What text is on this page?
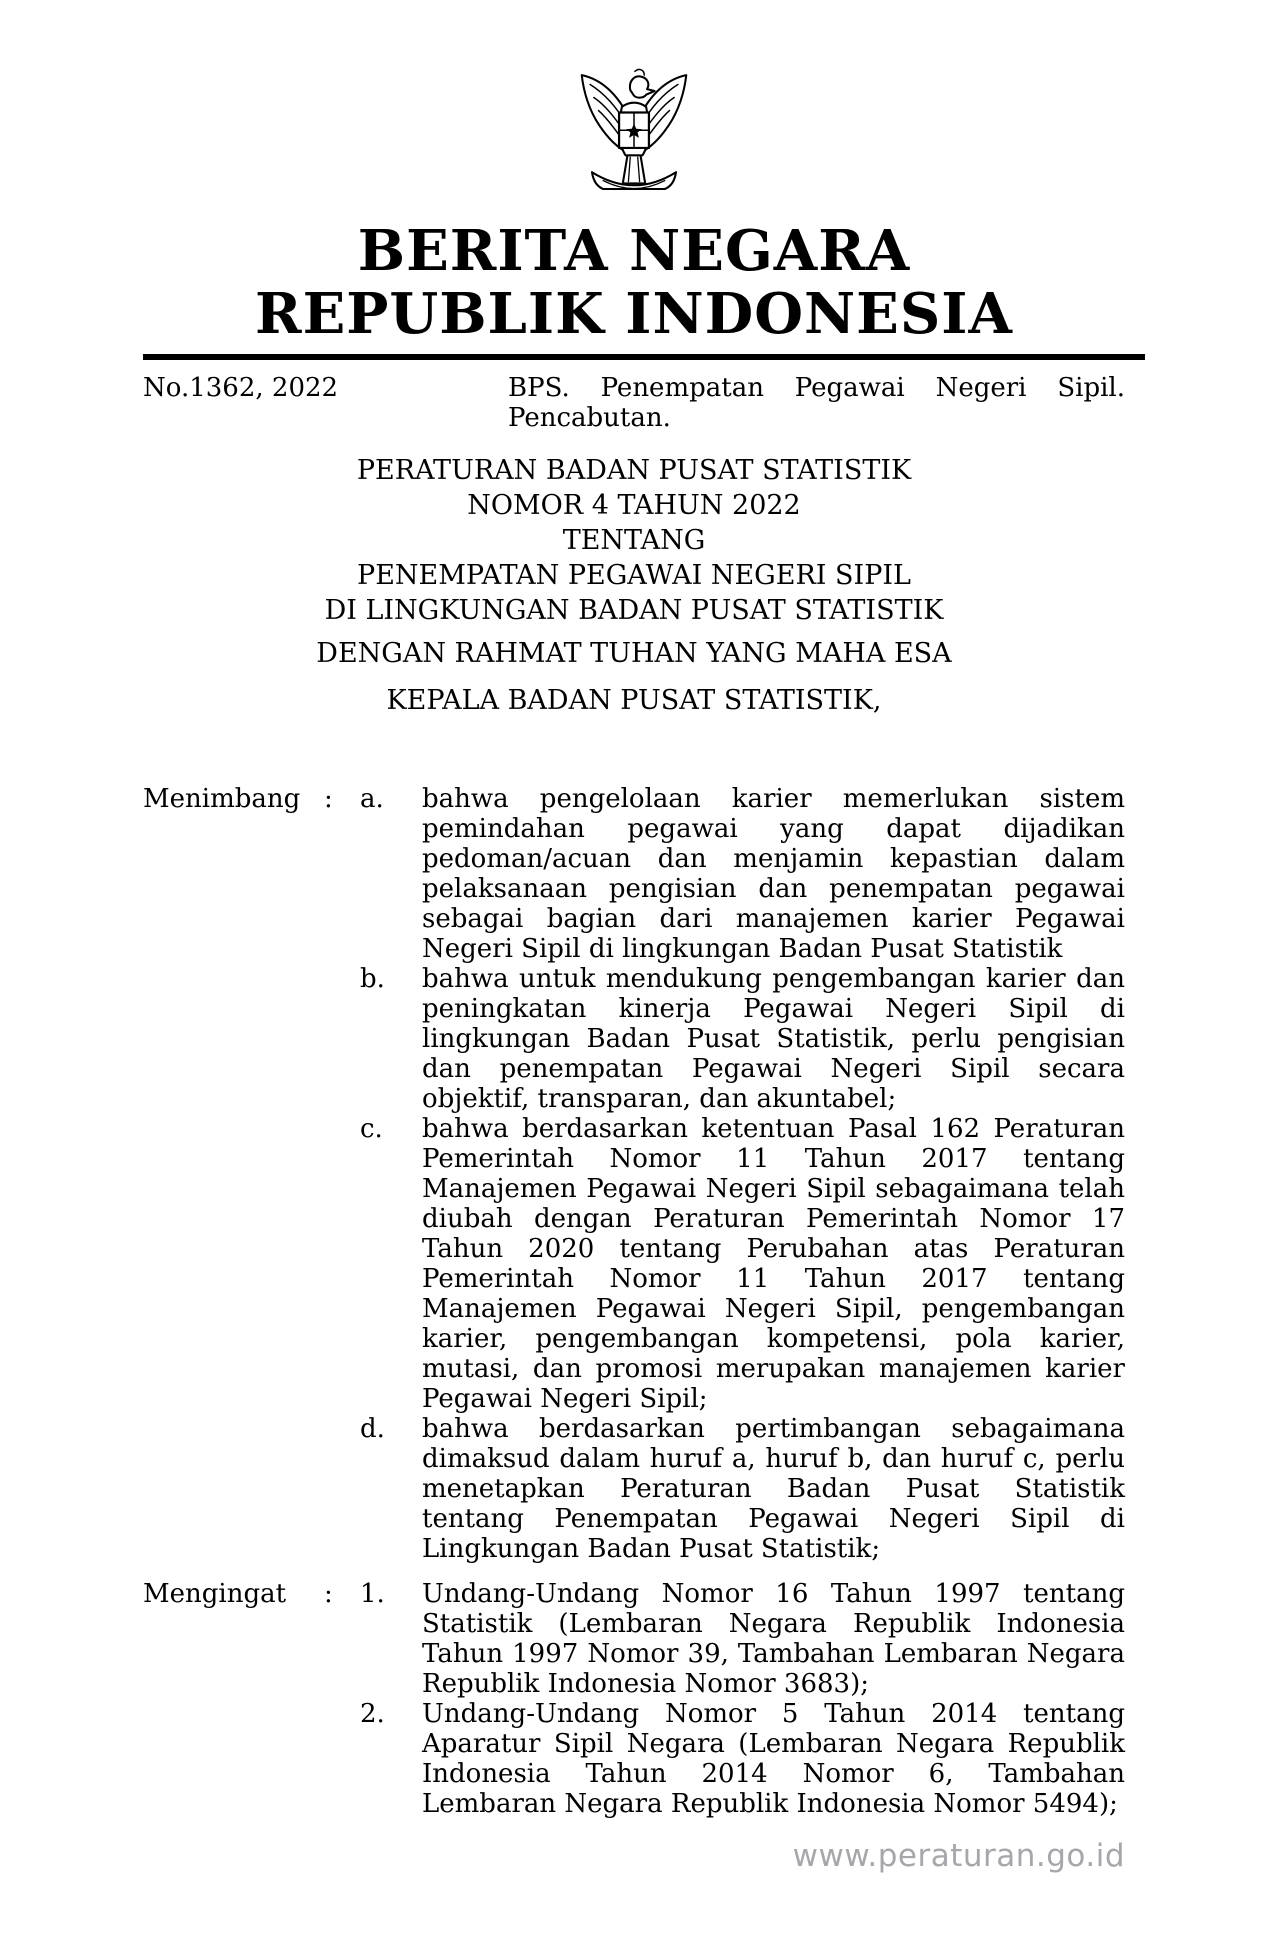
BERITA NEGARA
REPUBLIK INDONESIA
No.1362, 2022	BPS. Penempatan Pegawai Negeri Sipil.
Pencabutan.
PERATURAN BADAN PUSAT STATISTIK
NOMOR 4 TAHUN 2022
TENTANG
PENEMPATAN PEGAWAI NEGERI SIPIL
DI LINGKUNGAN BADAN PUSAT STATISTIK
DENGAN RAHMAT TUHAN YANG MAHA ESA
KEPALA BADAN PUSAT STATISTIK,
Menimbang :	a.	bahwa pengelolaan karier memerlukan sistem pemindahan pegawai yang dapat dijadikan pedoman/acuan dan menjamin kepastian dalam pelaksanaan pengisian dan penempatan pegawai sebagai bagian dari manajemen karier Pegawai Negeri Sipil di lingkungan Badan Pusat Statistik
b.	bahwa untuk mendukung pengembangan karier dan peningkatan kinerja Pegawai Negeri Sipil di lingkungan Badan Pusat Statistik, perlu pengisian dan penempatan Pegawai Negeri Sipil secara objektif, transparan, dan akuntabel;
c.	bahwa berdasarkan ketentuan Pasal 162 Peraturan Pemerintah Nomor 11 Tahun 2017 tentang Manajemen Pegawai Negeri Sipil sebagaimana telah diubah dengan Peraturan Pemerintah Nomor 17 Tahun 2020 tentang Perubahan atas Peraturan Pemerintah Nomor 11 Tahun 2017 tentang Manajemen Pegawai Negeri Sipil, pengembangan karier, pengembangan kompetensi, pola karier, mutasi, dan promosi merupakan manajemen karier Pegawai Negeri Sipil;
d.	bahwa berdasarkan pertimbangan sebagaimana dimaksud dalam huruf a, huruf b, dan huruf c, perlu menetapkan Peraturan Badan Pusat Statistik tentang Penempatan Pegawai Negeri Sipil di Lingkungan Badan Pusat Statistik;
Mengingat	:	1.	Undang-Undang Nomor 16 Tahun 1997 tentang Statistik (Lembaran Negara Republik Indonesia Tahun 1997 Nomor 39, Tambahan Lembaran Negara Republik Indonesia Nomor 3683);
2.	Undang-Undang Nomor 5 Tahun 2014 tentang Aparatur Sipil Negara (Lembaran Negara Republik Indonesia Tahun 2014 Nomor 6, Tambahan Lembaran Negara Republik Indonesia Nomor 5494);
www.peraturan.go.id
